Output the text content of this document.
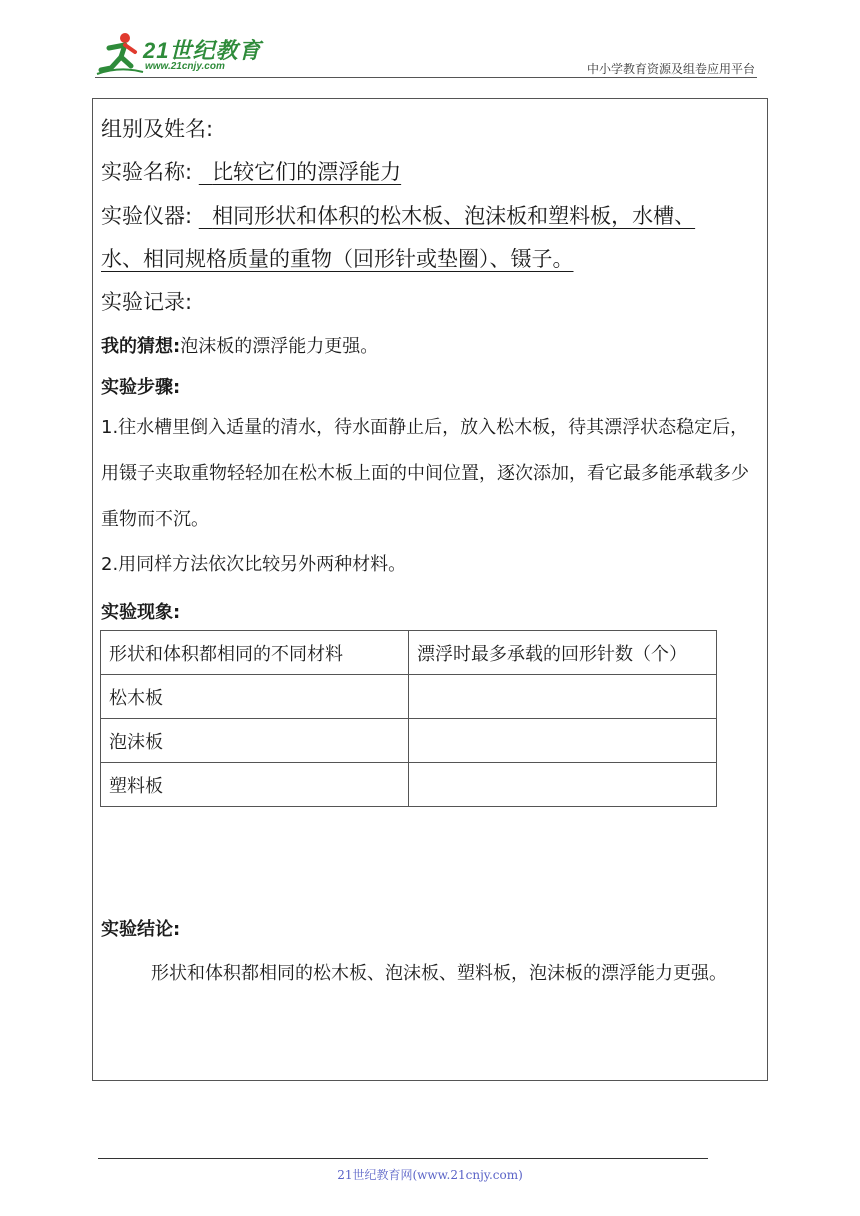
21世纪教育
www.21cnjy.com	中小学教育资源及组卷应用平台
组别及姓名:
实验名称: 比较它们的漂浮能力
实验仪器: 相同形状和体积的松木板、泡沫板和塑料板，水槽、
水、相同规格质量的重物（回形针或垫圈）、镊子。
实验记录:
我的猜想:泡沫板的漂浮能力更强。
实验步骤:
1.往水槽里倒入适量的清水，待水面静止后，放入松木板，待其漂浮状态稳定后，用镊子夹取重物轻轻加在松木板上面的中间位置，逐次添加，看它最多能承载多少重物而不沉。
2.用同样方法依次比较另外两种材料。
实验现象:
形状和体积都相同的不同材料	漂浮时最多承载的回形针数（个）
松木板	
泡沫板	
塑料板	
实验结论:
形状和体积都相同的松木板、泡沫板、塑料板，泡沫板的漂浮能力更强。
21世纪教育网(www.21cnjy.com)
